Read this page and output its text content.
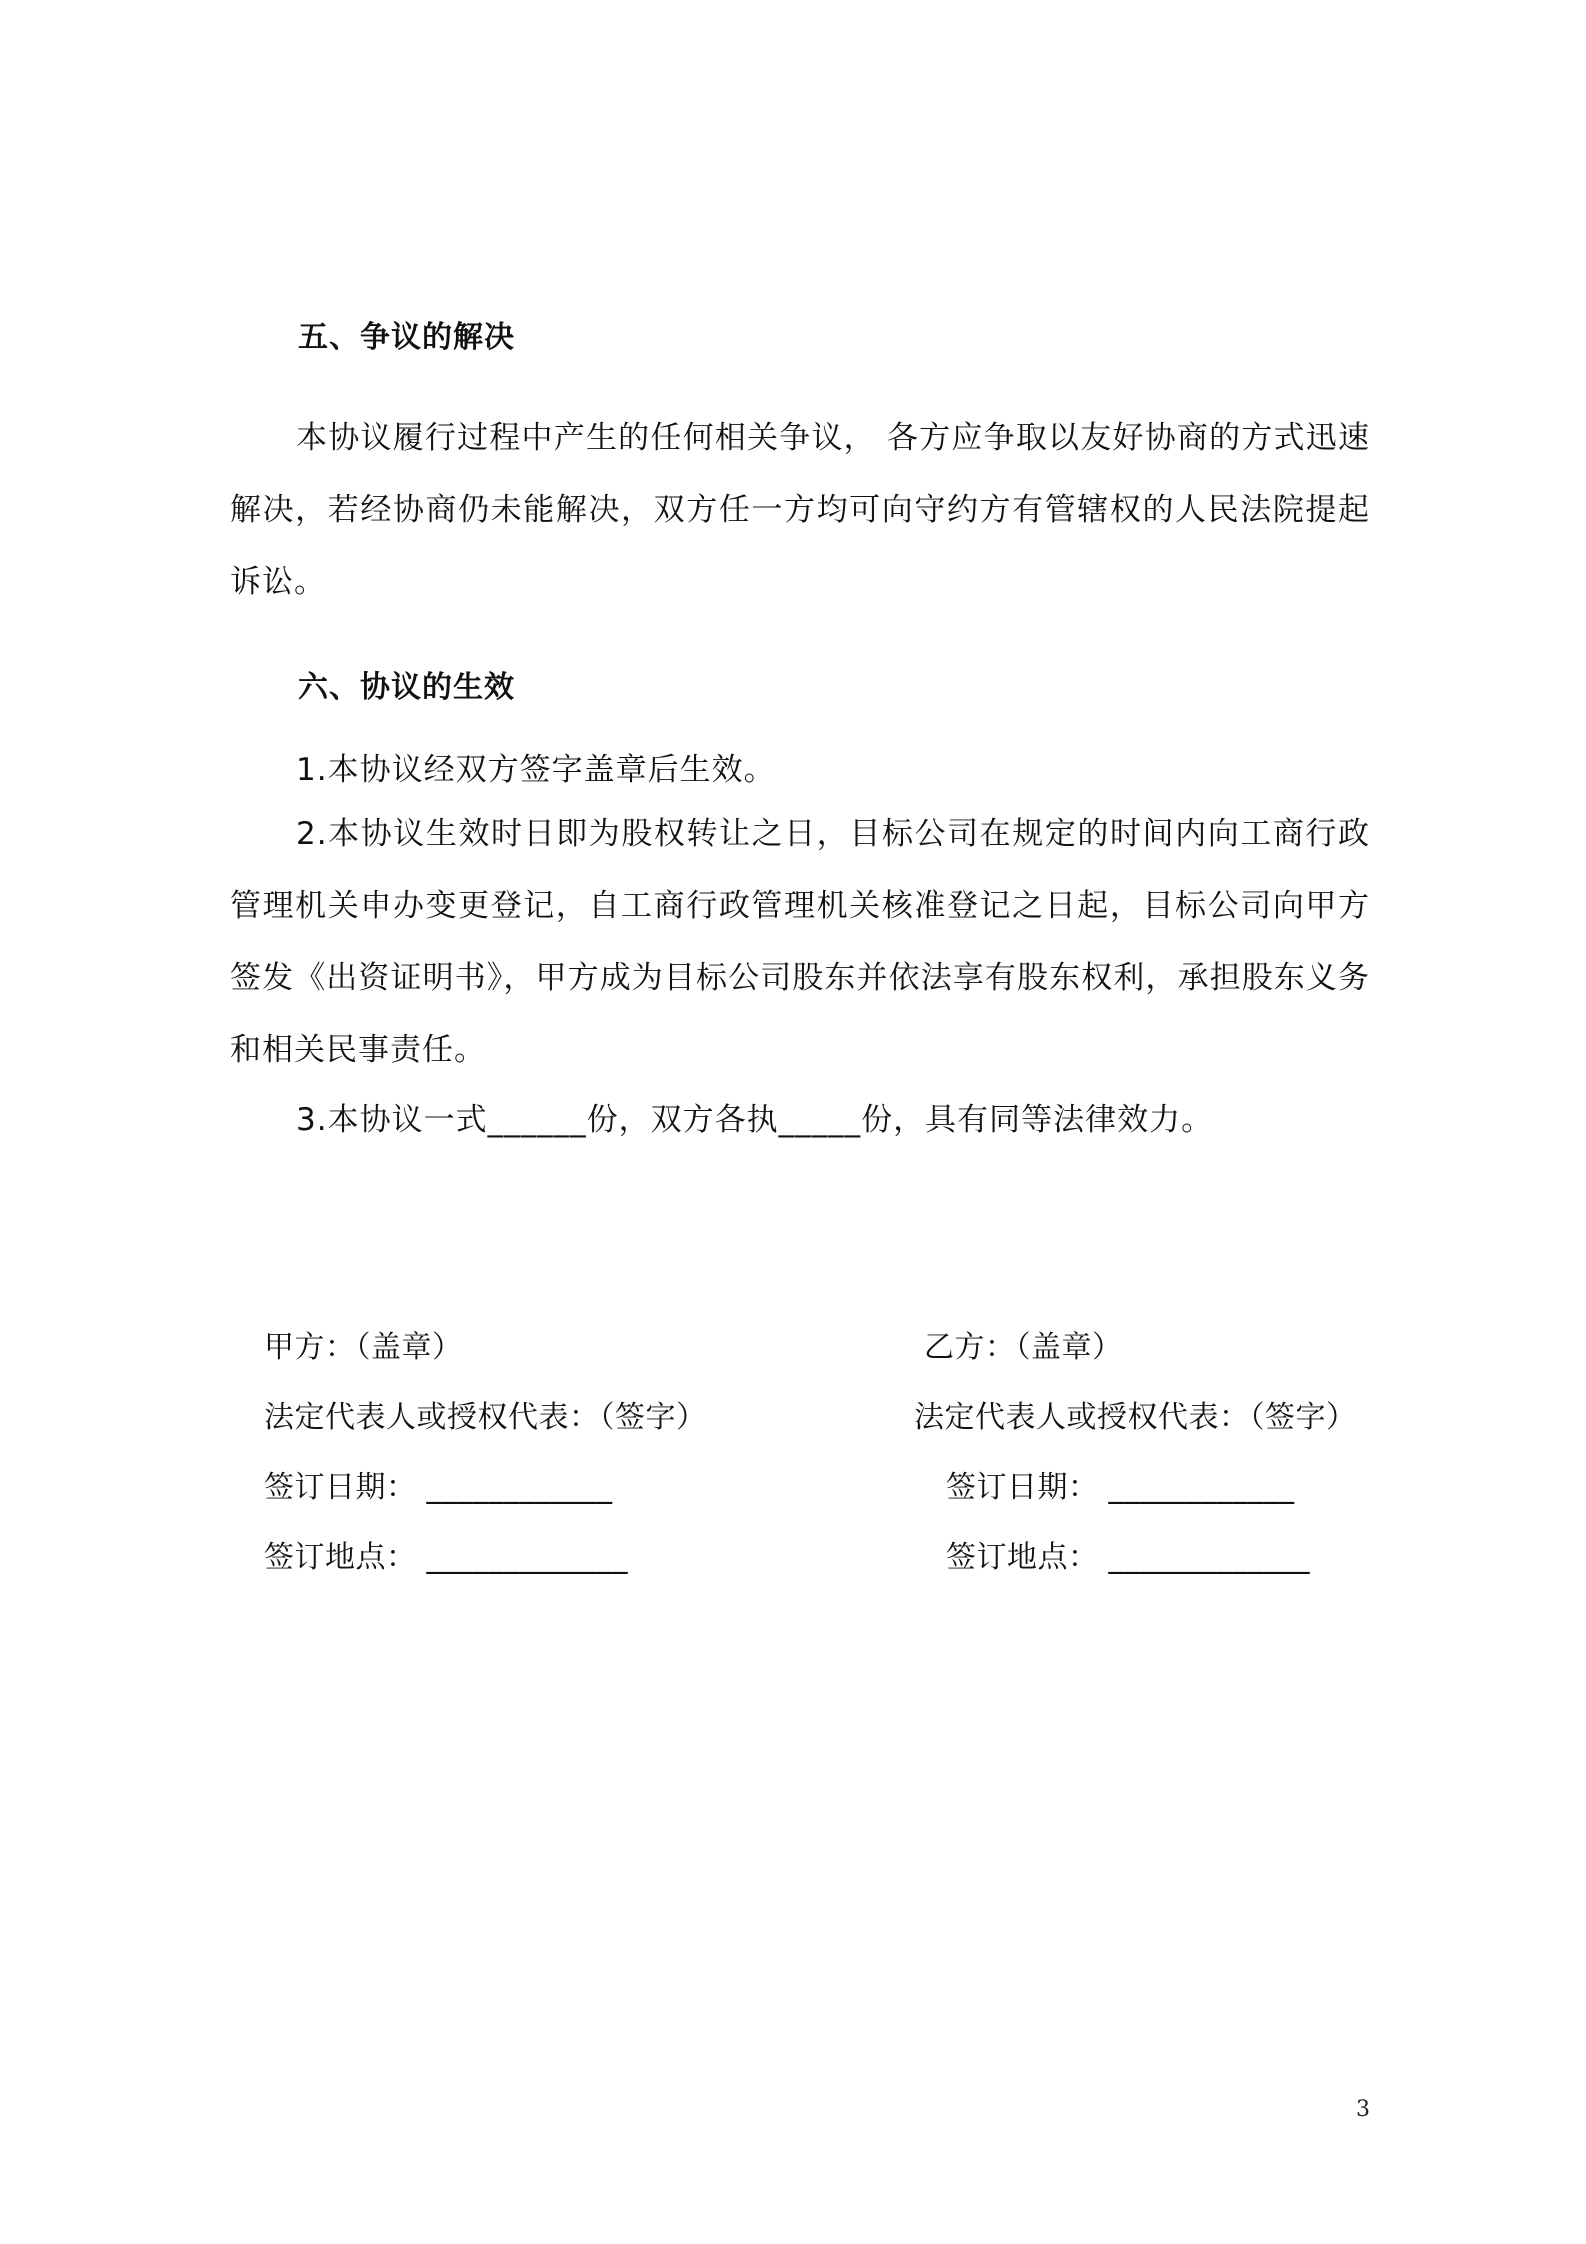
五、争议的解决

本协议履行过程中产生的任何相关争议， 各方应争取以友好协商的方式迅速解决，若经协商仍未能解决，双方任一方均可向守约方有管辖权的人民法院提起诉讼。

六、协议的生效
1.本协议经双方签字盖章后生效。

2.本协议生效时日即为股权转让之日，目标公司在规定的时间内向工商行政管理机关申办变更登记，自工商行政管理机关核准登记之日起，目标公司向甲方签发《出资证明书》，甲方成为目标公司股东并依法享有股东权利，承担股东义务和相关民事责任。

3.本协议一式______份，双方各执_____份，具有同等法律效力。
甲方：（盖章）
法定代表人或授权代表：（签字）
签订日期： ____________
签订地点： _____________
乙方：（盖章）
法定代表人或授权代表：（签字）
签订日期： ____________
签订地点： _____________
3
